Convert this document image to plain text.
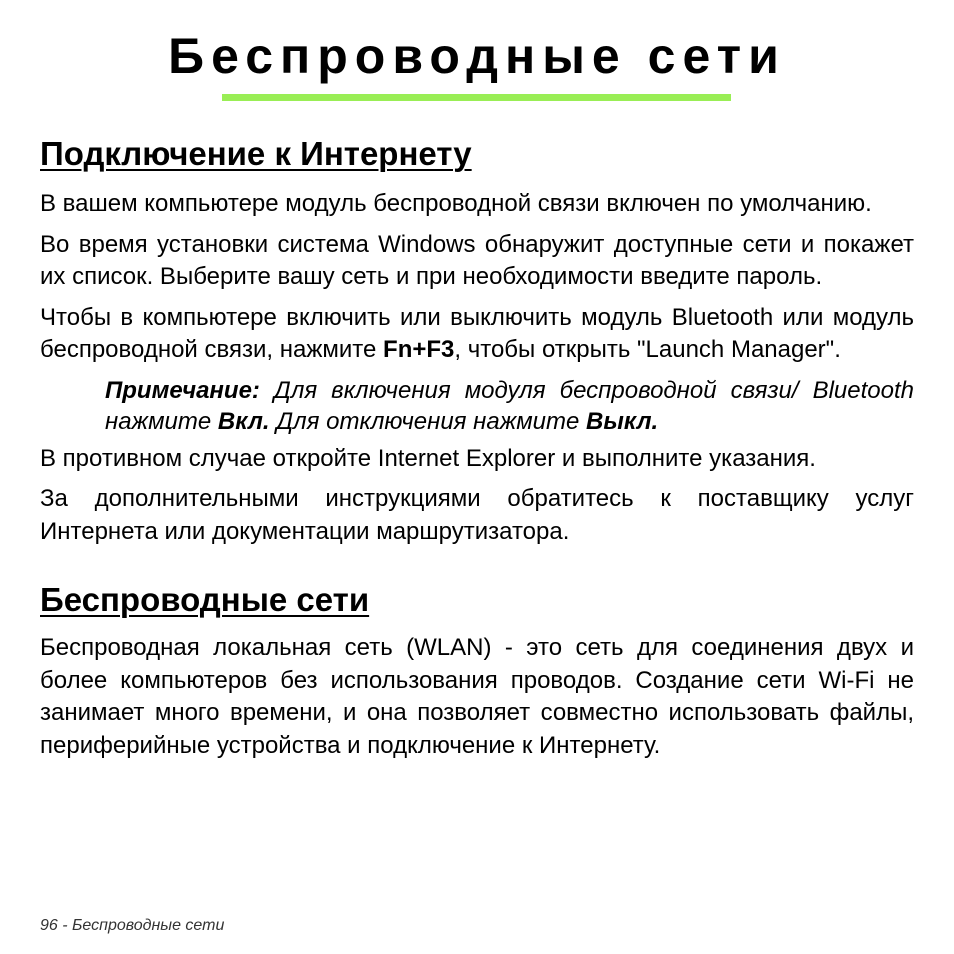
Беспроводные сети
Подключение к Интернету

В вашем компьютере модуль беспроводной связи включен по умолчанию.

Во время установки система Windows обнаружит доступные сети и покажет их список. Выберите вашу сеть и при необходимости введите пароль.

Чтобы в компьютере включить или выключить модуль Bluetooth или модуль беспроводной связи, нажмите Fn+F3, чтобы открыть "Launch Manager".

Примечание: Для включения модуля беспроводной связи/ Bluetooth нажмите Вкл. Для отключения нажмите Выкл.

В противном случае откройте Internet Explorer и выполните указания.

За дополнительными инструкциями обратитесь к поставщику услуг Интернета или документации маршрутизатора.

Беспроводные сети

Беспроводная локальная сеть (WLAN) - это сеть для соединения двух и более компьютеров без использования проводов. Создание сети Wi-Fi не занимает много времени, и она позволяет совместно использовать файлы, периферийные устройства и подключение к Интернету.

96 - Беспроводные сети
